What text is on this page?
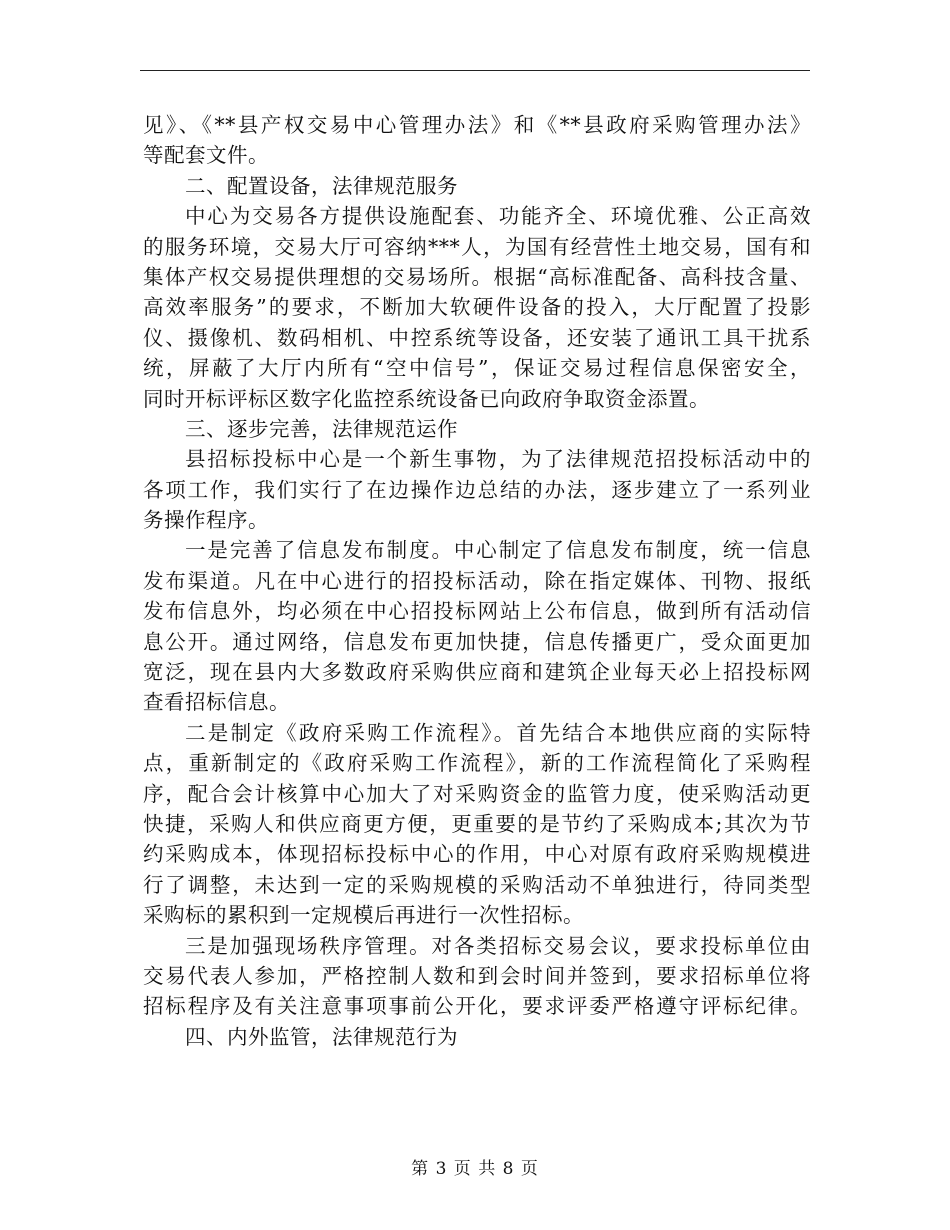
见》、《**县产权交易中心管理办法》和《**县政府采购管理办法》
等配套文件。
二、配置设备，法律规范服务
中心为交易各方提供设施配套、功能齐全、环境优雅、公正高效
的服务环境，交易大厅可容纳***人，为国有经营性土地交易，国有和
集体产权交易提供理想的交易场所。根据“高标准配备、高科技含量、
高效率服务”的要求，不断加大软硬件设备的投入，大厅配置了投影
仪、摄像机、数码相机、中控系统等设备，还安装了通讯工具干扰系
统，屏蔽了大厅内所有“空中信号”，保证交易过程信息保密安全，
同时开标评标区数字化监控系统设备已向政府争取资金添置。
三、逐步完善，法律规范运作
县招标投标中心是一个新生事物，为了法律规范招投标活动中的
各项工作，我们实行了在边操作边总结的办法，逐步建立了一系列业
务操作程序。
一是完善了信息发布制度。中心制定了信息发布制度，统一信息
发布渠道。凡在中心进行的招投标活动，除在指定媒体、刊物、报纸
发布信息外，均必须在中心招投标网站上公布信息，做到所有活动信
息公开。通过网络，信息发布更加快捷，信息传播更广，受众面更加
宽泛，现在县内大多数政府采购供应商和建筑企业每天必上招投标网
查看招标信息。
二是制定《政府采购工作流程》。首先结合本地供应商的实际特
点，重新制定的《政府采购工作流程》，新的工作流程简化了采购程
序，配合会计核算中心加大了对采购资金的监管力度，使采购活动更
快捷，采购人和供应商更方便，更重要的是节约了采购成本;其次为节
约采购成本，体现招标投标中心的作用，中心对原有政府采购规模进
行了调整，未达到一定的采购规模的采购活动不单独进行，待同类型
采购标的累积到一定规模后再进行一次性招标。
三是加强现场秩序管理。对各类招标交易会议，要求投标单位由
交易代表人参加，严格控制人数和到会时间并签到，要求招标单位将
招标程序及有关注意事项事前公开化，要求评委严格遵守评标纪律。
四、内外监管，法律规范行为
第 3 页 共 8 页
